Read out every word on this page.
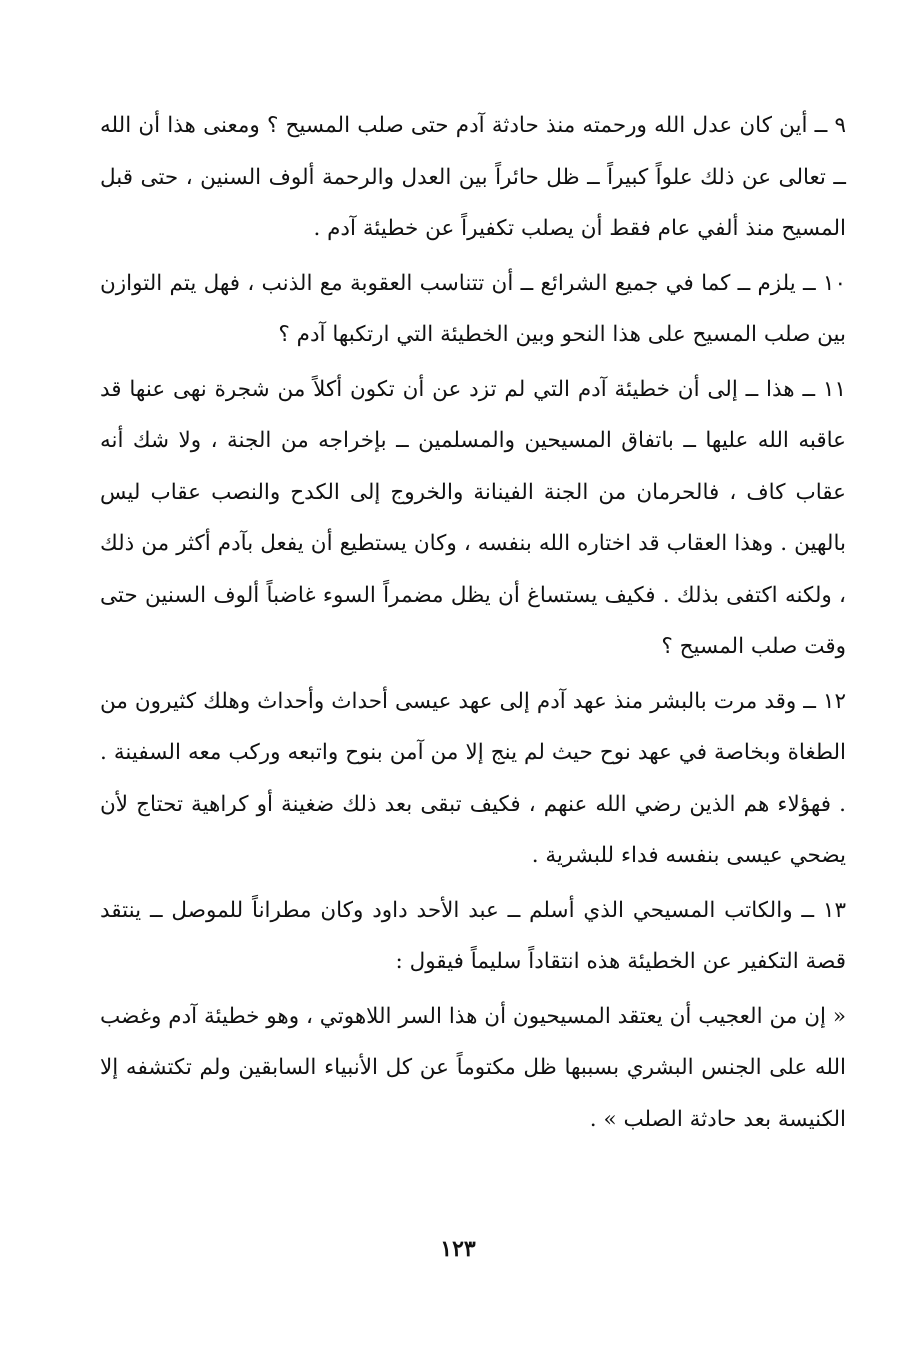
٩ ــ أين كان عدل الله ورحمته منذ حادثة آدم حتى صلب المسيح ؟ ومعنى هذا أن الله ــ تعالى عن ذلك علواً كبيراً ــ ظل حائراً بين العدل والرحمة ألوف السنين ، حتى قبل المسيح منذ ألفي عام فقط أن يصلب تكفيراً عن خطيئة آدم .

١٠ ــ يلزم ــ كما في جميع الشرائع ــ أن تتناسب العقوبة مع الذنب ، فهل يتم التوازن بين صلب المسيح على هذا النحو وبين الخطيئة التي ارتكبها آدم ؟

١١ ــ هذا ــ إلى أن خطيئة آدم التي لم تزد عن أن تكون أكلاً من شجرة نهى عنها قد عاقبه الله عليها ــ باتفاق المسيحين والمسلمين ــ بإخراجه من الجنة ، ولا شك أنه عقاب كاف ، فالحرمان من الجنة الفينانة والخروج إلى الكدح والنصب عقاب ليس بالهين . وهذا العقاب قد اختاره الله بنفسه ، وكان يستطيع أن يفعل بآدم أكثر من ذلك ، ولكنه اكتفى بذلك . فكيف يستساغ أن يظل مضمراً السوء غاضباً ألوف السنين حتى وقت صلب المسيح ؟

١٢ ــ وقد مرت بالبشر منذ عهد آدم إلى عهد عيسى أحداث وأحداث وهلك كثيرون من الطغاة وبخاصة في عهد نوح حيث لم ينج إلا من آمن بنوح واتبعه وركب معه السفينة . . فهؤلاء هم الذين رضي الله عنهم ، فكيف تبقى بعد ذلك ضغينة أو كراهية تحتاج لأن يضحي عيسى بنفسه فداء للبشرية .

١٣ ــ والكاتب المسيحي الذي أسلم ــ عبد الأحد داود وكان مطراناً للموصل ــ ينتقد قصة التكفير عن الخطيئة هذه انتقاداً سليماً فيقول :

« إن من العجيب أن يعتقد المسيحيون أن هذا السر اللاهوتي ، وهو خطيئة آدم وغضب الله على الجنس البشري بسببها ظل مكتوماً عن كل الأنبياء السابقين ولم تكتشفه إلا الكنيسة بعد حادثة الصلب » .

١٢٣
